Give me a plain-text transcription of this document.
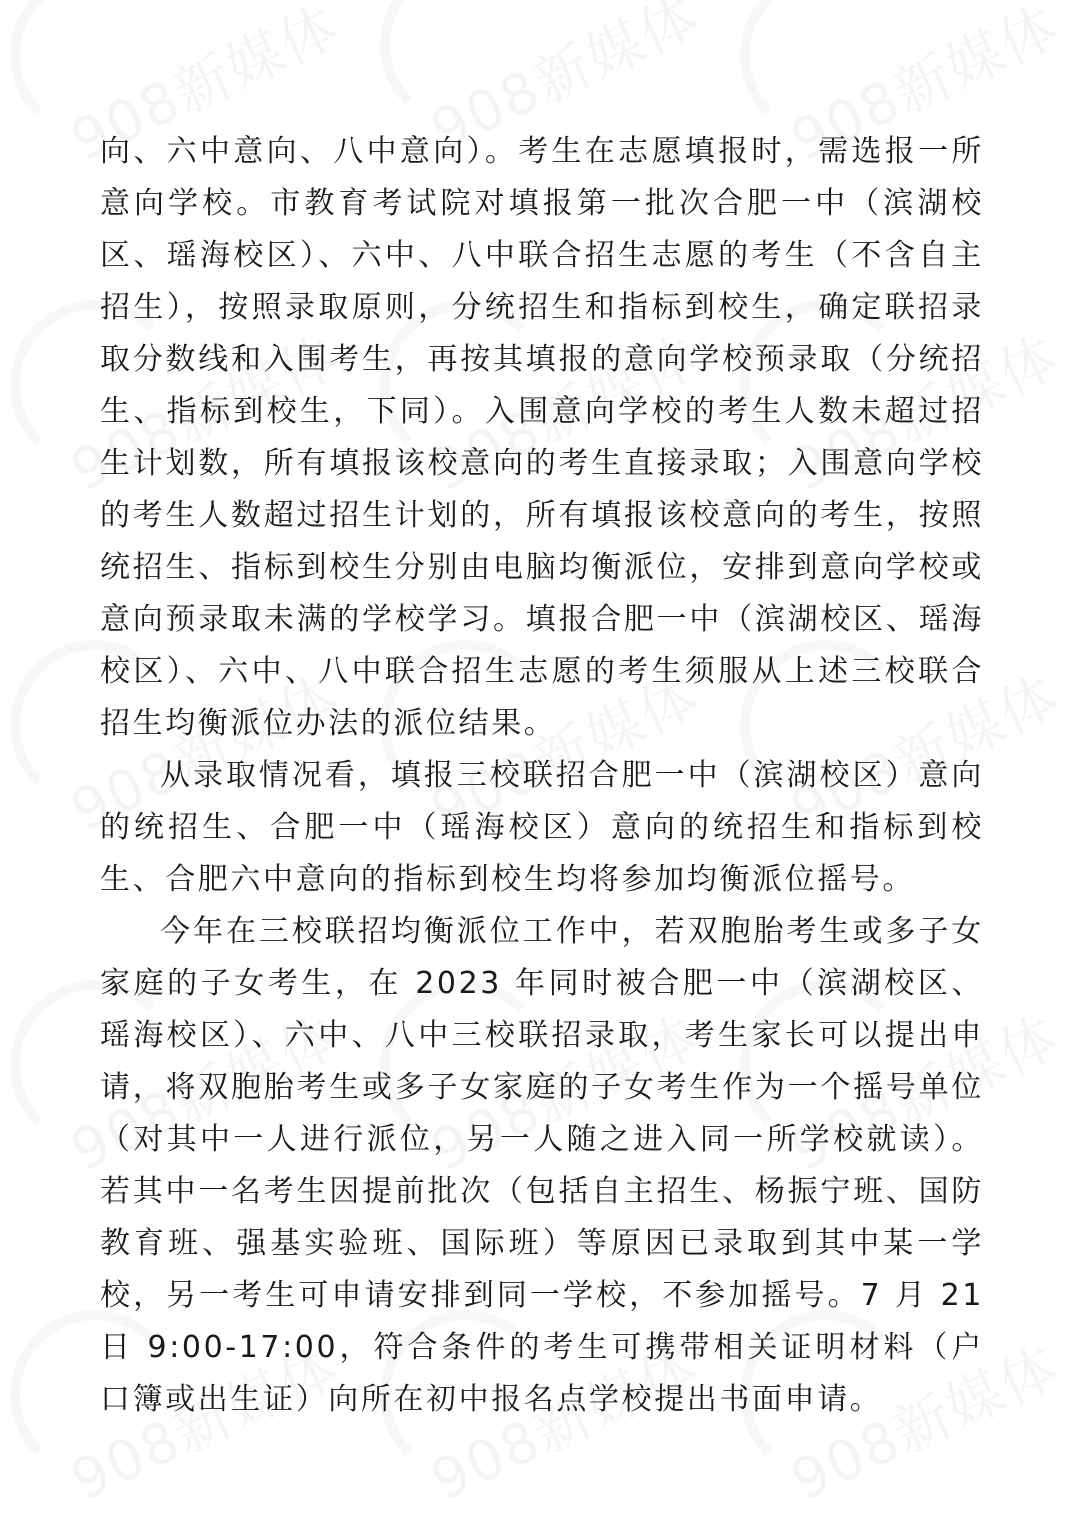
向、六中意向、八中意向）。考生在志愿填报时，需选报一所意向学校。市教育考试院对填报第一批次合肥一中（滨湖校区、瑶海校区）、六中、八中联合招生志愿的考生（不含自主招生），按照录取原则，分统招生和指标到校生，确定联招录取分数线和入围考生，再按其填报的意向学校预录取（分统招生、指标到校生，下同）。入围意向学校的考生人数未超过招生计划数，所有填报该校意向的考生直接录取；入围意向学校的考生人数超过招生计划的，所有填报该校意向的考生，按照统招生、指标到校生分别由电脑均衡派位，安排到意向学校或意向预录取未满的学校学习。填报合肥一中（滨湖校区、瑶海校区）、六中、八中联合招生志愿的考生须服从上述三校联合招生均衡派位办法的派位结果。

从录取情况看，填报三校联招合肥一中（滨湖校区）意向的统招生、合肥一中（瑶海校区）意向的统招生和指标到校生、合肥六中意向的指标到校生均将参加均衡派位摇号。

今年在三校联招均衡派位工作中，若双胞胎考生或多子女家庭的子女考生，在 2023 年同时被合肥一中（滨湖校区、瑶海校区）、六中、八中三校联招录取，考生家长可以提出申请，将双胞胎考生或多子女家庭的子女考生作为一个摇号单位（对其中一人进行派位，另一人随之进入同一所学校就读）。若其中一名考生因提前批次（包括自主招生、杨振宁班、国防教育班、强基实验班、国际班）等原因已录取到其中某一学校，另一考生可申请安排到同一学校，不参加摇号。7 月 21 日 9:00-17:00，符合条件的考生可携带相关证明材料（户口簿或出生证）向所在初中报名点学校提出书面申请。
